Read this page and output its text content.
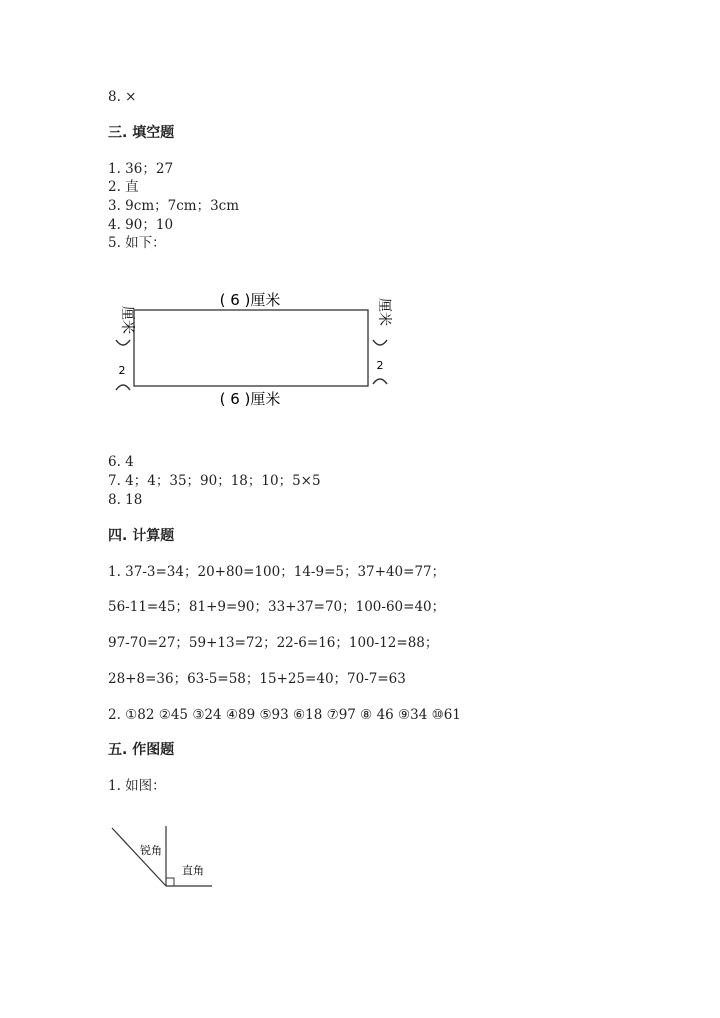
8. ×
三. 填空题
1. 36；27
2. 直
3. 9cm；7cm；3cm
4. 90；10
5. 如下：
( 6 )厘米
( 6 )厘米
厘米
2
厘米
2
6. 4
7. 4；4；35；90；18；10；5×5
8. 18
四. 计算题
1. 37-3=34；20+80=100；14-9=5；37+40=77；
56-11=45；81+9=90；33+37=70；100-60=40；
97-70=27；59+13=72；22-6=16；100-12=88；
28+8=36；63-5=58；15+25=40；70-7=63
2. ①82 ②45 ③24 ④89 ⑤93 ⑥18 ⑦97 ⑧ 46 ⑨34 ⑩61
五. 作图题
1. 如图：
锐角
直角
